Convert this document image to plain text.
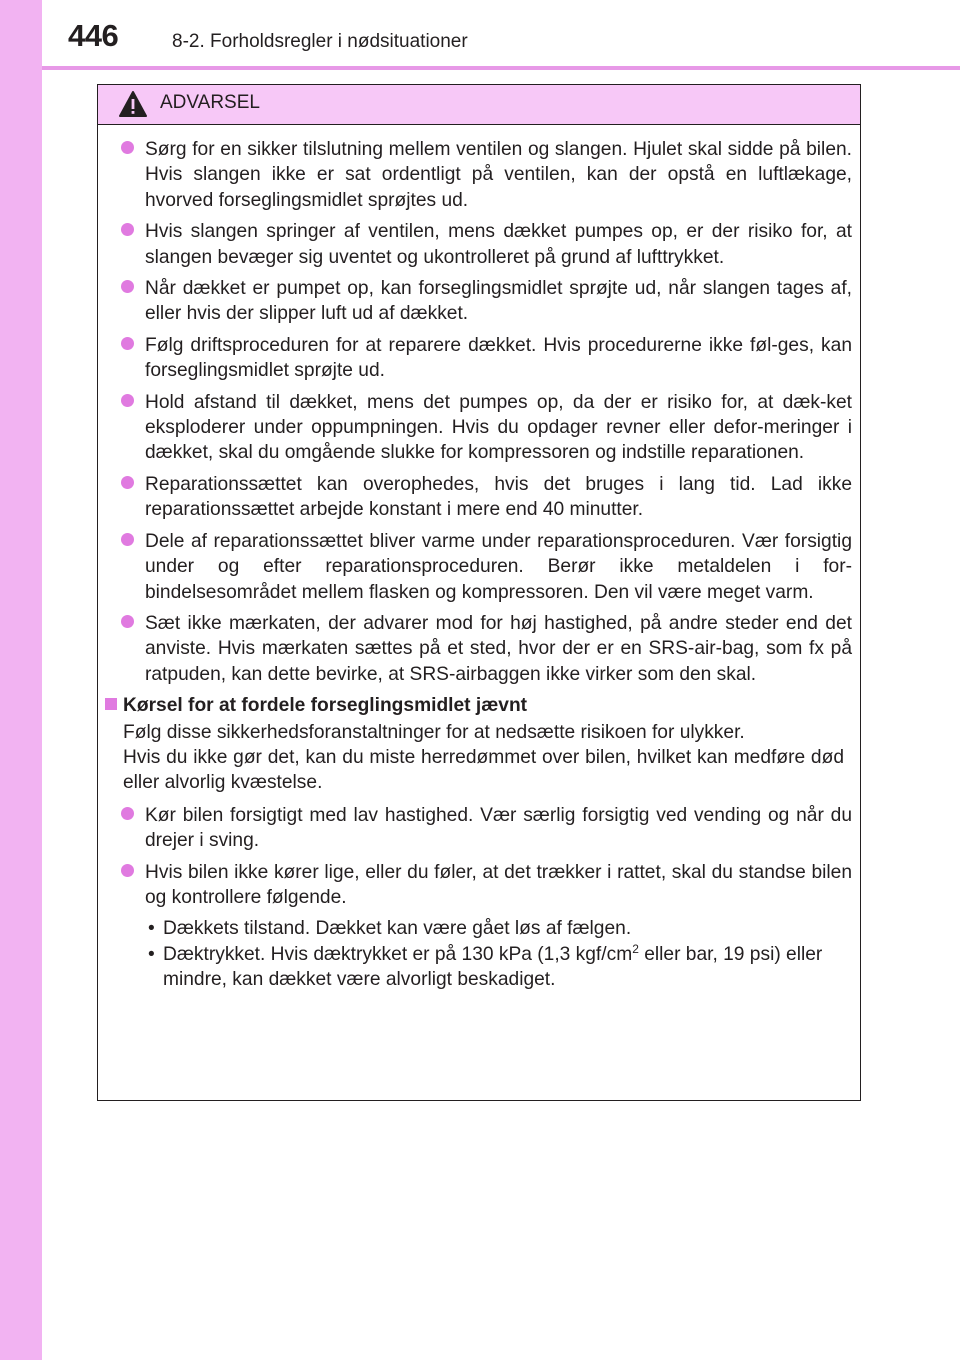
446	8-2. Forholdsregler i nødsituationer
ADVARSEL
Sørg for en sikker tilslutning mellem ventilen og slangen. Hjulet skal sidde på bilen. Hvis slangen ikke er sat ordentligt på ventilen, kan der opstå en luftlækage, hvorved forseglingsmidlet sprøjtes ud.
Hvis slangen springer af ventilen, mens dækket pumpes op, er der risiko for, at slangen bevæger sig uventet og ukontrolleret på grund af lufttrykket.
Når dækket er pumpet op, kan forseglingsmidlet sprøjte ud, når slangen tages af, eller hvis der slipper luft ud af dækket.
Følg driftsproceduren for at reparere dækket. Hvis procedurerne ikke føl-ges, kan forseglingsmidlet sprøjte ud.
Hold afstand til dækket, mens det pumpes op, da der er risiko for, at dæk-ket eksploderer under oppumpningen. Hvis du opdager revner eller defor-meringer i dækket, skal du omgående slukke for kompressoren og indstille reparationen.
Reparationssættet kan overophedes, hvis det bruges i lang tid. Lad ikke reparationssættet arbejde konstant i mere end 40 minutter.
Dele af reparationssættet bliver varme under reparationsproceduren. Vær forsigtig under og efter reparationsproceduren. Berør ikke metaldelen i for-bindelsesområdet mellem flasken og kompressoren. Den vil være meget varm.
Sæt ikke mærkaten, der advarer mod for høj hastighed, på andre steder end det anviste. Hvis mærkaten sættes på et sted, hvor der er en SRS-air-bag, som fx på ratpuden, kan dette bevirke, at SRS-airbaggen ikke virker som den skal.
Kørsel for at fordele forseglingsmidlet jævnt
Følg disse sikkerhedsforanstaltninger for at nedsætte risikoen for ulykker.
Hvis du ikke gør det, kan du miste herredømmet over bilen, hvilket kan medføre død eller alvorlig kvæstelse.
Kør bilen forsigtigt med lav hastighed. Vær særlig forsigtig ved vending og når du drejer i sving.
Hvis bilen ikke kører lige, eller du føler, at det trækker i rattet, skal du standse bilen og kontrollere følgende.
• Dækkets tilstand. Dækket kan være gået løs af fælgen.
• Dæktrykket. Hvis dæktrykket er på 130 kPa (1,3 kgf/$cm^2$ eller bar, 19 psi) eller mindre, kan dækket være alvorligt beskadiget.
